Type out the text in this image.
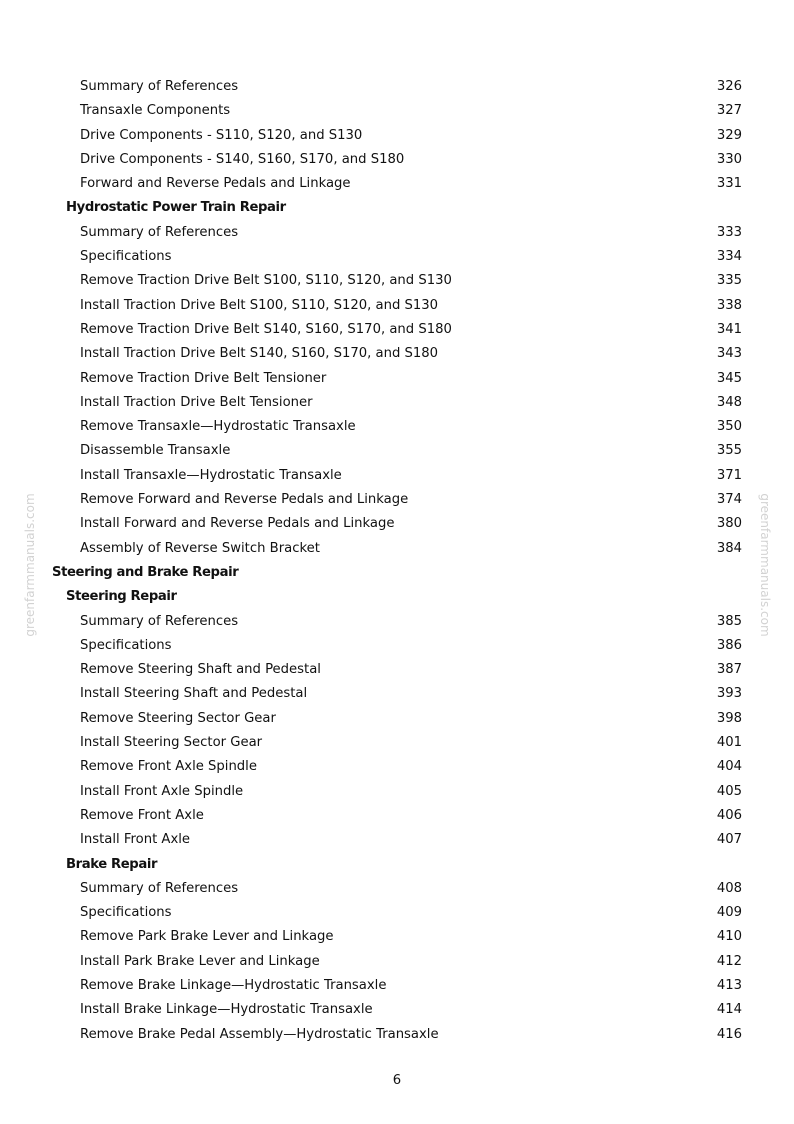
Summary of References	326
Transaxle Components	327
Drive Components - S110, S120, and S130	329
Drive Components - S140, S160, S170, and S180	330
Forward and Reverse Pedals and Linkage	331
Hydrostatic Power Train Repair
Summary of References	333
Specifications	334
Remove Traction Drive Belt S100, S110, S120, and S130	335
Install Traction Drive Belt S100, S110, S120, and S130	338
Remove Traction Drive Belt S140, S160, S170, and S180	341
Install Traction Drive Belt S140, S160, S170, and S180	343
Remove Traction Drive Belt Tensioner	345
Install Traction Drive Belt Tensioner	348
Remove Transaxle—Hydrostatic Transaxle	350
Disassemble Transaxle	355
Install Transaxle—Hydrostatic Transaxle	371
Remove Forward and Reverse Pedals and Linkage	374
Install Forward and Reverse Pedals and Linkage	380
Assembly of Reverse Switch Bracket	384
Steering and Brake Repair
Steering Repair
Summary of References	385
Specifications	386
Remove Steering Shaft and Pedestal	387
Install Steering Shaft and Pedestal	393
Remove Steering Sector Gear	398
Install Steering Sector Gear	401
Remove Front Axle Spindle	404
Install Front Axle Spindle	405
Remove Front Axle	406
Install Front Axle	407
Brake Repair
Summary of References	408
Specifications	409
Remove Park Brake Lever and Linkage	410
Install Park Brake Lever and Linkage	412
Remove Brake Linkage—Hydrostatic Transaxle	413
Install Brake Linkage—Hydrostatic Transaxle	414
Remove Brake Pedal Assembly—Hydrostatic Transaxle	416
greenfarmmanuals.com	greenfarmmanuals.com
6
